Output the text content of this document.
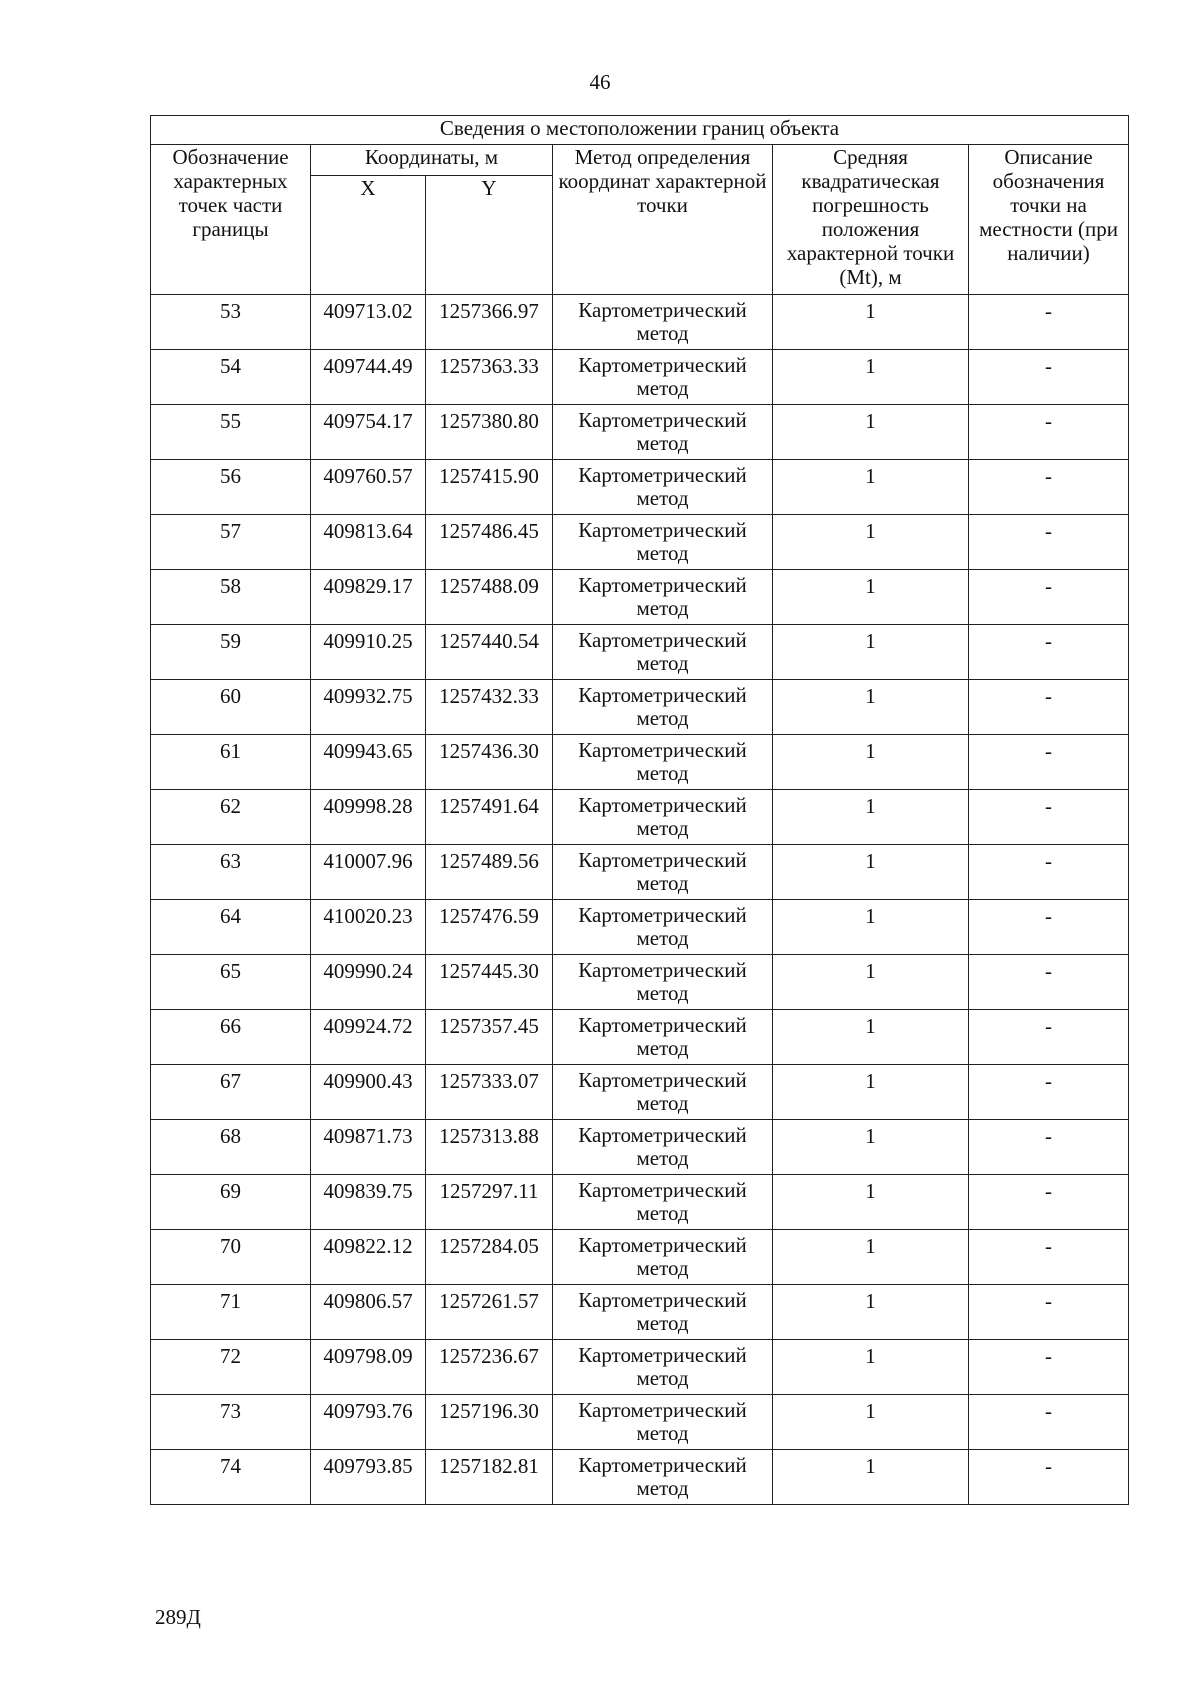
46
Сведения о местоположении границ объекта					
Обозначение характерных точек части границы	Координаты, м		Метод определения координат характерной точки	Средняя квадратическая погрешность положения характерной точки (Mt), м	Описание обозначения точки на местности (при наличии)
	X	Y			
53	409713.02	1257366.97	Картометрический метод	1	-
54	409744.49	1257363.33	Картометрический метод	1	-
55	409754.17	1257380.80	Картометрический метод	1	-
56	409760.57	1257415.90	Картометрический метод	1	-
57	409813.64	1257486.45	Картометрический метод	1	-
58	409829.17	1257488.09	Картометрический метод	1	-
59	409910.25	1257440.54	Картометрический метод	1	-
60	409932.75	1257432.33	Картометрический метод	1	-
61	409943.65	1257436.30	Картометрический метод	1	-
62	409998.28	1257491.64	Картометрический метод	1	-
63	410007.96	1257489.56	Картометрический метод	1	-
64	410020.23	1257476.59	Картометрический метод	1	-
65	409990.24	1257445.30	Картометрический метод	1	-
66	409924.72	1257357.45	Картометрический метод	1	-
67	409900.43	1257333.07	Картометрический метод	1	-
68	409871.73	1257313.88	Картометрический метод	1	-
69	409839.75	1257297.11	Картометрический метод	1	-
70	409822.12	1257284.05	Картометрический метод	1	-
71	409806.57	1257261.57	Картометрический метод	1	-
72	409798.09	1257236.67	Картометрический метод	1	-
73	409793.76	1257196.30	Картометрический метод	1	-
74	409793.85	1257182.81	Картометрический метод	1	-
289Д
